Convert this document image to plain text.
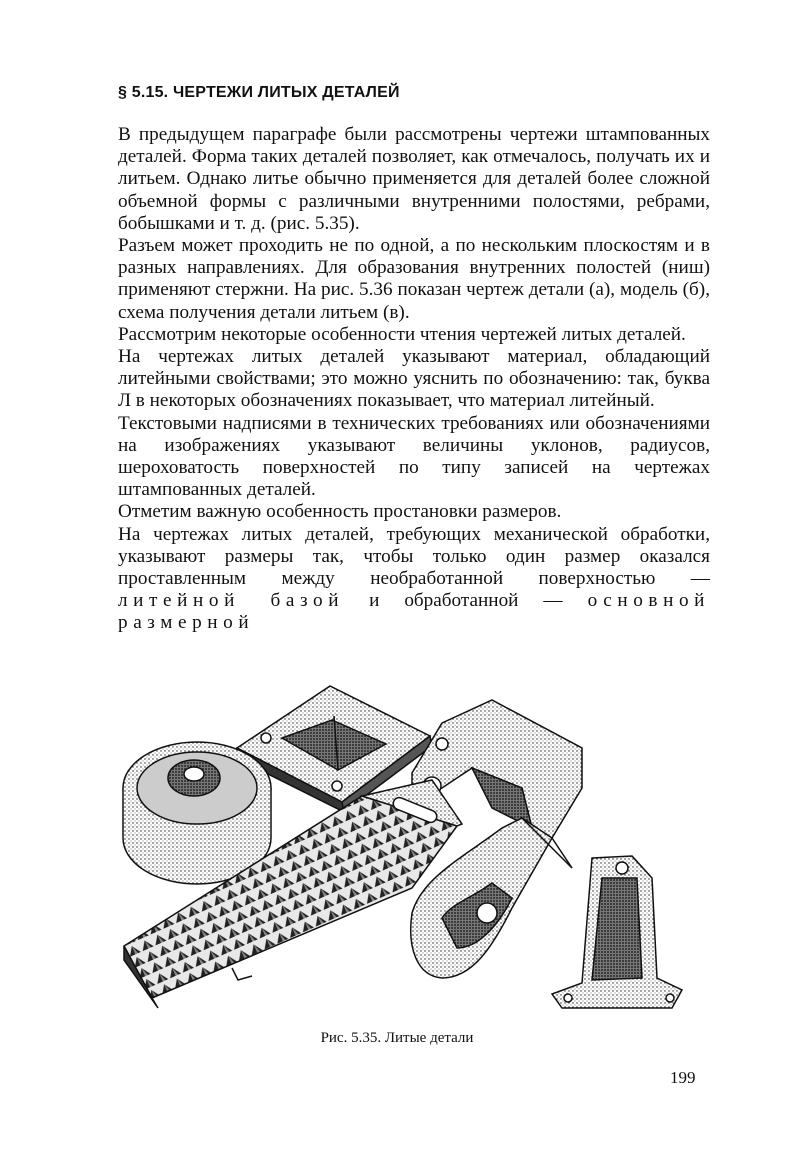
§ 5.15. ЧЕРТЕЖИ ЛИТЫХ ДЕТАЛЕЙ

В предыдущем параграфе были рассмотрены чертежи штампованных деталей. Форма таких деталей позволяет, как отмечалось, получать их и литьем. Однако литье обычно применяется для деталей более сложной объемной формы с различными внутренними полостями, ребрами, бобышками и т. д. (рис. 5.35).

Разъем может проходить не по одной, а по нескольким плоскостям и в разных направлениях. Для образования внутренних полостей (ниш) применяют стержни. На рис. 5.36 показан чертеж детали (а), модель (б), схема получения детали литьем (в).

Рассмотрим некоторые особенности чтения чертежей литых деталей.

На чертежах литых деталей указывают материал, обладающий литейными свойствами; это можно уяснить по обозначению: так, буква Л в некоторых обозначениях показывает, что материал литейный.

Текстовыми надписями в технических требованиях или обозначениями на изображениях указывают величины уклонов, радиусов, шероховатость поверхностей по типу записей на чертежах штампованных деталей.

Отметим важную особенность простановки размеров.

На чертежах литых деталей, требующих механической обработки, указывают размеры так, чтобы только один размер оказался проставленным между необработанной поверхностью — литейной базой и обработанной — основной размерной

Рис. 5.35. Литые детали
199
